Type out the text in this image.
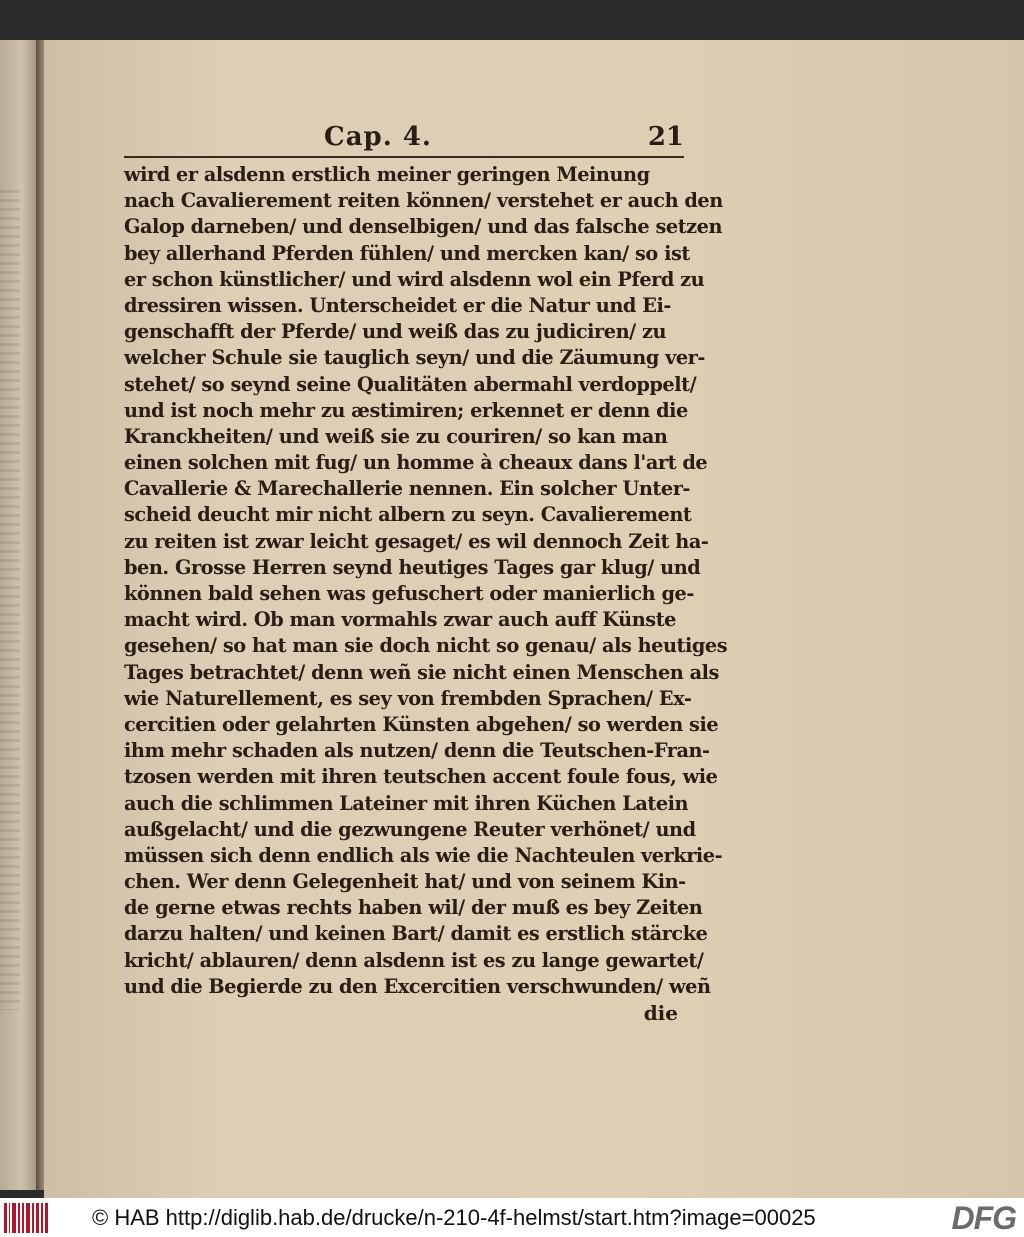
Cap. 4.	21
wird er alsdenn erstlich meiner geringen Meinung
nach Cavalierement reiten können/ verstehet er auch den
Galop darneben/ und denselbigen/ und das falsche setzen
bey allerhand Pferden fühlen/ und mercken kan/ so ist
er schon künstlicher/ und wird alsdenn wol ein Pferd zu
dressiren wissen. Unterscheidet er die Natur und Ei-
genschafft der Pferde/ und weiß das zu judiciren/ zu
welcher Schule sie tauglich seyn/ und die Zäumung ver-
stehet/ so seynd seine Qualitäten abermahl verdoppelt/
und ist noch mehr zu æstimiren; erkennet er denn die
Kranckheiten/ und weiß sie zu couriren/ so kan man
einen solchen mit fug/ un homme à cheaux dans l'art de
Cavallerie & Marechallerie nennen. Ein solcher Unter-
scheid deucht mir nicht albern zu seyn. Cavalierement
zu reiten ist zwar leicht gesaget/ es wil dennoch Zeit ha-
ben. Grosse Herren seynd heutiges Tages gar klug/ und
können bald sehen was gefuschert oder manierlich ge-
macht wird. Ob man vormahls zwar auch auff Künste
gesehen/ so hat man sie doch nicht so genau/ als heutiges
Tages betrachtet/ denn weñ sie nicht einen Menschen als
wie Naturellement, es sey von frembden Sprachen/ Ex-
cercitien oder gelahrten Künsten abgehen/ so werden sie
ihm mehr schaden als nutzen/ denn die Teutschen-Fran-
tzosen werden mit ihren teutschen accent foule fous, wie
auch die schlimmen Lateiner mit ihren Küchen Latein
außgelacht/ und die gezwungene Reuter verhönet/ und
müssen sich denn endlich als wie die Nachteulen verkrie-
chen. Wer denn Gelegenheit hat/ und von seinem Kin-
de gerne etwas rechts haben wil/ der muß es bey Zeiten
darzu halten/ und keinen Bart/ damit es erstlich stärcke
kricht/ ablauren/ denn alsdenn ist es zu lange gewartet/
und die Begierde zu den Excercitien verschwunden/ weñ
die
© HAB http://diglib.hab.de/drucke/n-210-4f-helmst/start.htm?image=00025	DFG
